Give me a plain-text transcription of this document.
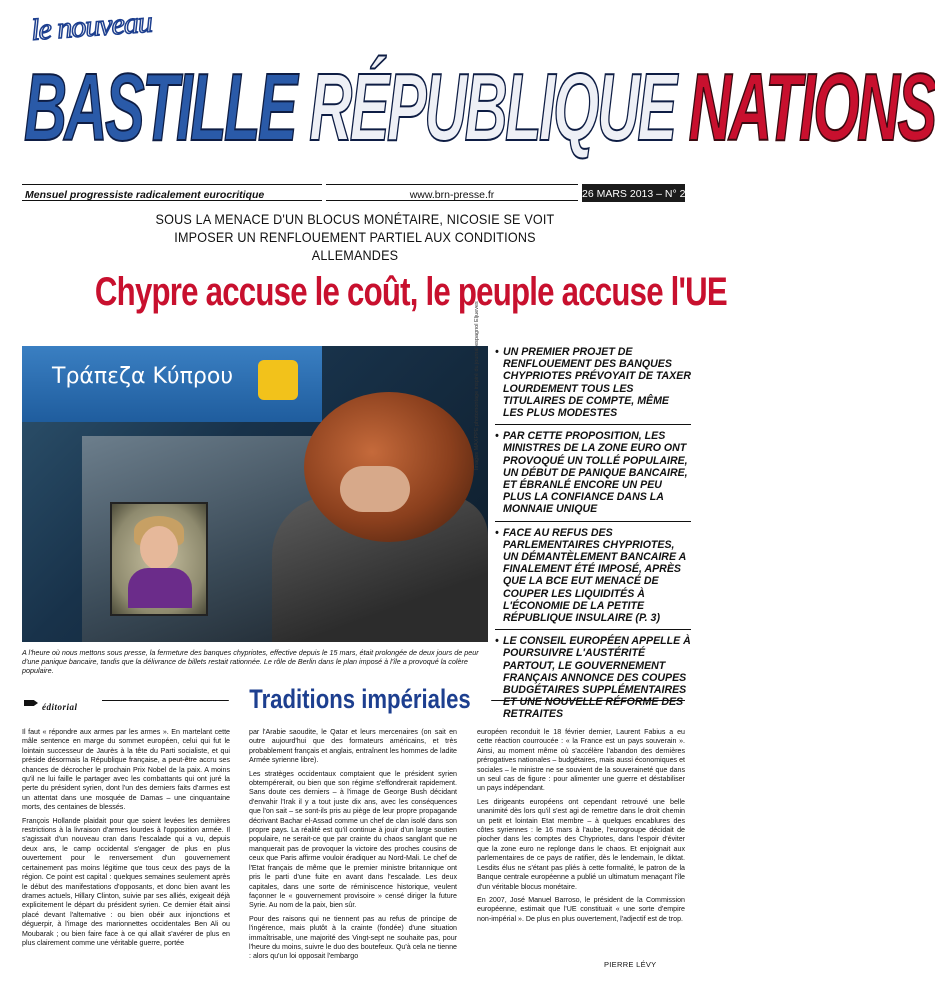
le nouveau
BASTILLE RÉPUBLIQUE NATIONS
Mensuel progressiste radicalement eurocritique	www.brn-presse.fr	26 MARS 2013 – N° 26
SOUS LA MENACE D'UN BLOCUS MONÉTAIRE, NICOSIE SE VOIT IMPOSER UN RENFLOUEMENT PARTIEL AUX CONDITIONS ALLEMANDES
Chypre accuse le coût, le peuple accuse l'UE
Τράπεζα Κύπρου	Images MAXPPE photomontage inspiré du journal espagnol Eljueves
A l'heure où nous mettons sous presse, la fermeture des banques chypriotes, effective depuis le 15 mars, était prolongée de deux jours de peur d'une panique bancaire, tandis que la délivrance de billets restait rationnée. Le rôle de Berlin dans le plan imposé à l'île a provoqué la colère populaire.
• UN PREMIER PROJET DE RENFLOUEMENT DES BANQUES CHYPRIOTES PRÉVOYAIT DE TAXER LOURDEMENT TOUS LES TITULAIRES DE COMPTE, MÊME LES PLUS MODESTES
• PAR CETTE PROPOSITION, LES MINISTRES DE LA ZONE EURO ONT PROVOQUÉ UN TOLLÉ POPULAIRE, UN DÉBUT DE PANIQUE BANCAIRE, ET ÉBRANLÉ ENCORE UN PEU PLUS LA CONFIANCE DANS LA MONNAIE UNIQUE
• FACE AU REFUS DES PARLEMENTAIRES CHYPRIOTES, UN DÉMANTÈLEMENT BANCAIRE A FINALEMENT ÉTÉ IMPOSÉ, APRÈS QUE LA BCE EUT MENACÉ DE COUPER LES LIQUIDITÉS À L'ÉCONOMIE DE LA PETITE RÉPUBLIQUE INSULAIRE (P. 3)
• LE CONSEIL EUROPÉEN APPELLE À POURSUIVRE L'AUSTÉRITÉ PARTOUT, LE GOUVERNEMENT FRANÇAIS ANNONCE DES COUPES BUDGÉTAIRES SUPPLÉMENTAIRES ET UNE NOUVELLE RÉFORME DES RETRAITES
éditorial	Traditions impériales

Il faut « répondre aux armes par les armes ». En martelant cette mâle sentence en marge du sommet européen, celui qui fut le lointain successeur de Jaurès à la tête du Parti socialiste, et qui préside désormais la République française, a peut-être accru ses chances de décrocher le prochain Prix Nobel de la paix. A moins qu'il ne lui faille le partager avec les combattants qui ont juré la perte du président syrien, dont l'un des derniers faits d'armes est un attentat dans une mosquée de Damas – une cinquantaine morts, des centaines de blessés.

François Hollande plaidait pour que soient levées les dernières restrictions à la livraison d'armes lourdes à l'opposition armée. Il s'agissait d'un nouveau cran dans l'escalade qui a vu, depuis deux ans, le camp occidental s'engager de plus en plus ouvertement pour le renversement d'un gouvernement certainement pas moins légitime que tous ceux des pays de la région. Ce point est capital : quelques semaines seulement après le début des manifestations d'opposants, et donc bien avant les drames actuels, Hillary Clinton, suivie par ses alliés, exigeait déjà explicitement le départ du président syrien. Ce dernier était ainsi placé devant l'alternative : ou bien obéir aux injonctions et déguerpir, à l'image des marionnettes occidentales Ben Ali ou Moubarak ; ou bien faire face à ce qui allait s'avérer de plus en plus clairement comme une véritable guerre, portée

par l'Arabie saoudite, le Qatar et leurs mercenaires (on sait en outre aujourd'hui que des formateurs américains, et très probablement français et anglais, entraînent les hommes de ladite Armée syrienne libre).

Les stratèges occidentaux comptaient que le président syrien obtempérerait, ou bien que son régime s'effondrerait rapidement. Sans doute ces derniers – à l'image de George Bush décidant d'envahir l'Irak il y a tout juste dix ans, avec les conséquences que l'on sait – se sont-ils pris au piège de leur propre propagande décrivant Bachar el-Assad comme un chef de clan isolé dans son propre pays. La réalité est qu'il continue à jouir d'un large soutien populaire, ne serait-ce que par crainte du chaos sanglant que ne manquerait pas de provoquer la victoire des proches cousins de ceux que Paris affirme vouloir éradiquer au Nord-Mali. Le chef de l'Etat français de même que le premier ministre britannique ont pris le parti d'une fuite en avant dans l'escalade. Les deux capitales, dans une sorte de réminiscence historique, veulent façonner le « gouvernement provisoire » censé diriger la future Syrie. Au nom de la paix, bien sûr.

Pour des raisons qui ne tiennent pas au refus de principe de l'ingérence, mais plutôt à la crainte (fondée) d'une situation immaîtrisable, une majorité des Vingt-sept ne souhaite pas, pour l'heure du moins, suivre le duo des boutefeux. Qu'à cela ne tienne : alors qu'un loi opposait l'embargo

européen reconduit le 18 février dernier, Laurent Fabius a eu cette réaction courroucée : « la France est un pays souverain ». Ainsi, au moment même où s'accélère l'abandon des dernières prérogatives nationales – budgétaires, mais aussi économiques et sociales – le ministre ne se souvient de la souveraineté que dans un seul cas de figure : pour alimenter une guerre et déstabiliser un pays indépendant.

Les dirigeants européens ont cependant retrouvé une belle unanimité dès lors qu'il s'est agi de remettre dans le droit chemin un petit et lointain Etat membre – à quelques encablures des côtes syriennes : le 16 mars à l'aube, l'eurogroupe décidait de piocher dans les comptes des Chypriotes, dans l'espoir d'éviter que la zone euro ne replonge dans le chaos. Et enjoignait aux parlementaires de ce pays de ratifier, dès le lendemain, le diktat. Lesdits élus ne s'étant pas pliés à cette formalité, le patron de la Banque centrale européenne a publié un ultimatum menaçant l'île d'un véritable blocus monétaire.

En 2007, José Manuel Barroso, le président de la Commission européenne, estimait que l'UE constituait « une sorte d'empire non-impérial ». De plus en plus ouvertement, l'adjectif est de trop.

PIERRE LÉVY
